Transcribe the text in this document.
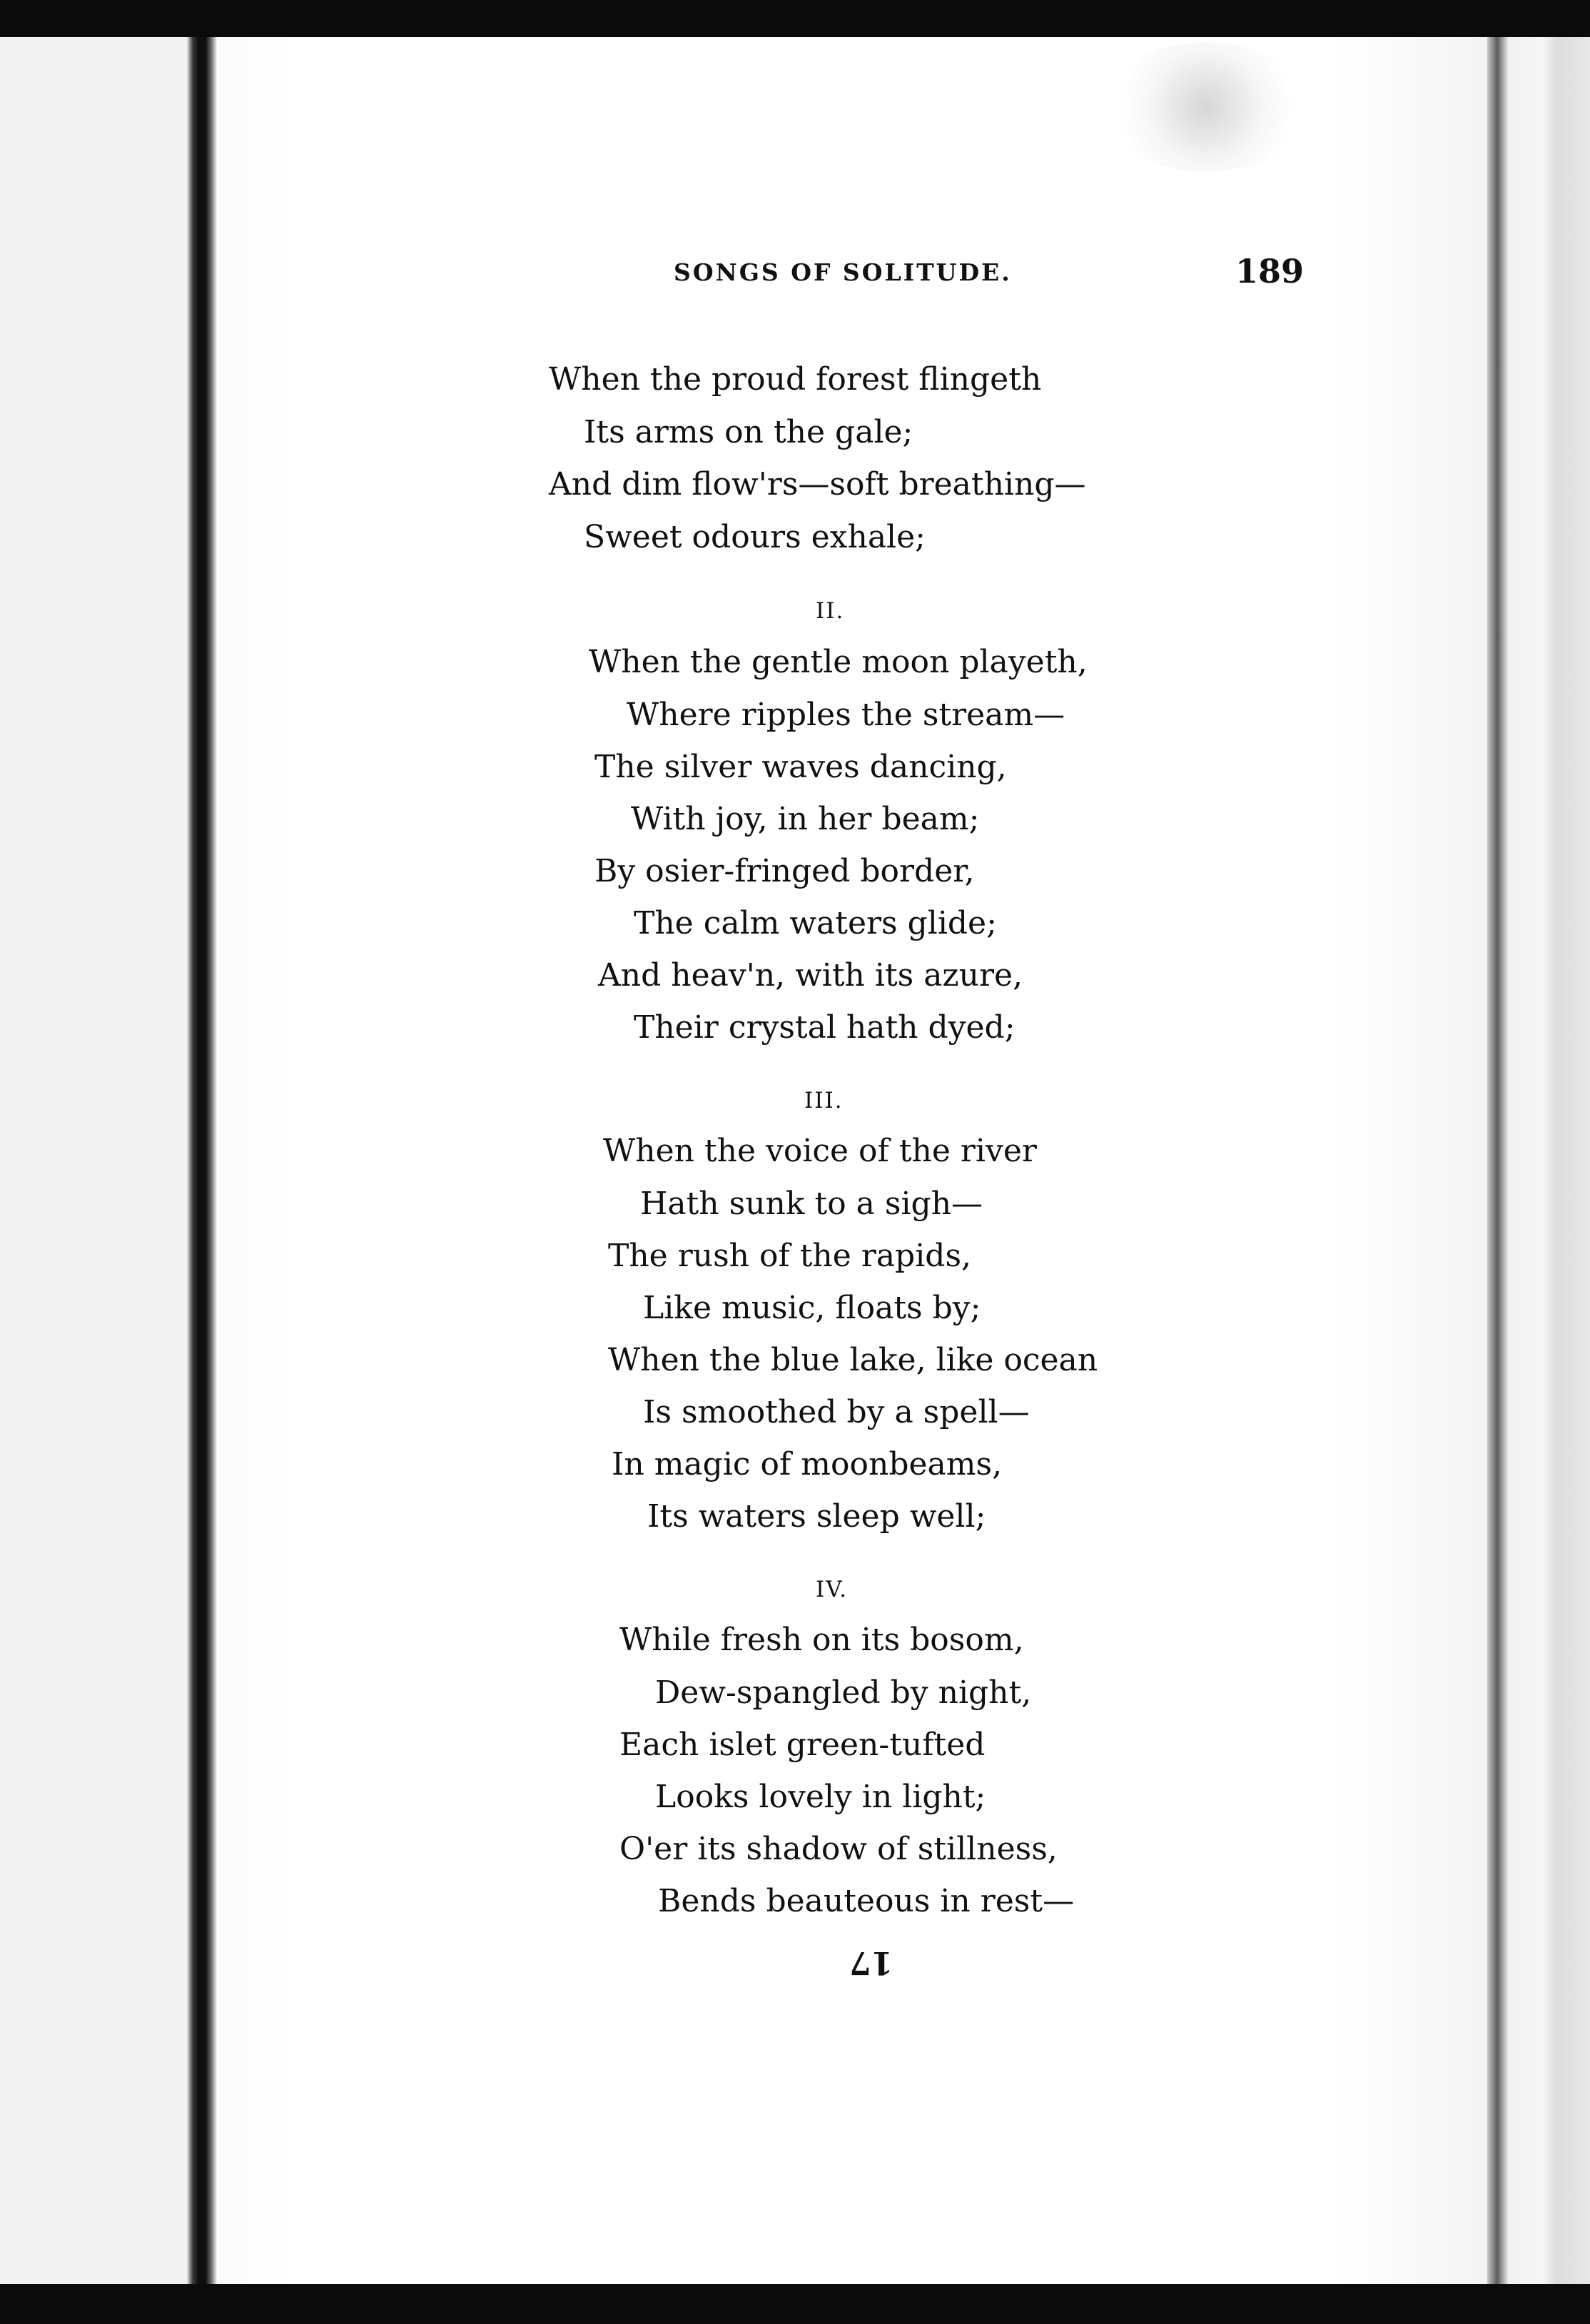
SONGS OF SOLITUDE.	189
When the proud forest flingeth
Its arms on the gale;
And dim flow'rs—soft breathing—
Sweet odours exhale;
II.
When the gentle moon playeth,
Where ripples the stream—
The silver waves dancing,
With joy, in her beam;
By osier-fringed border,
The calm waters glide;
And heav'n, with its azure,
Their crystal hath dyed;
III.
When the voice of the river
Hath sunk to a sigh—
The rush of the rapids,
Like music, floats by;
When the blue lake, like ocean
Is smoothed by a spell—
In magic of moonbeams,
Its waters sleep well;
IV.
While fresh on its bosom,
Dew-spangled by night,
Each islet green-tufted
Looks lovely in light;
O'er its shadow of stillness,
Bends beauteous in rest—
17
